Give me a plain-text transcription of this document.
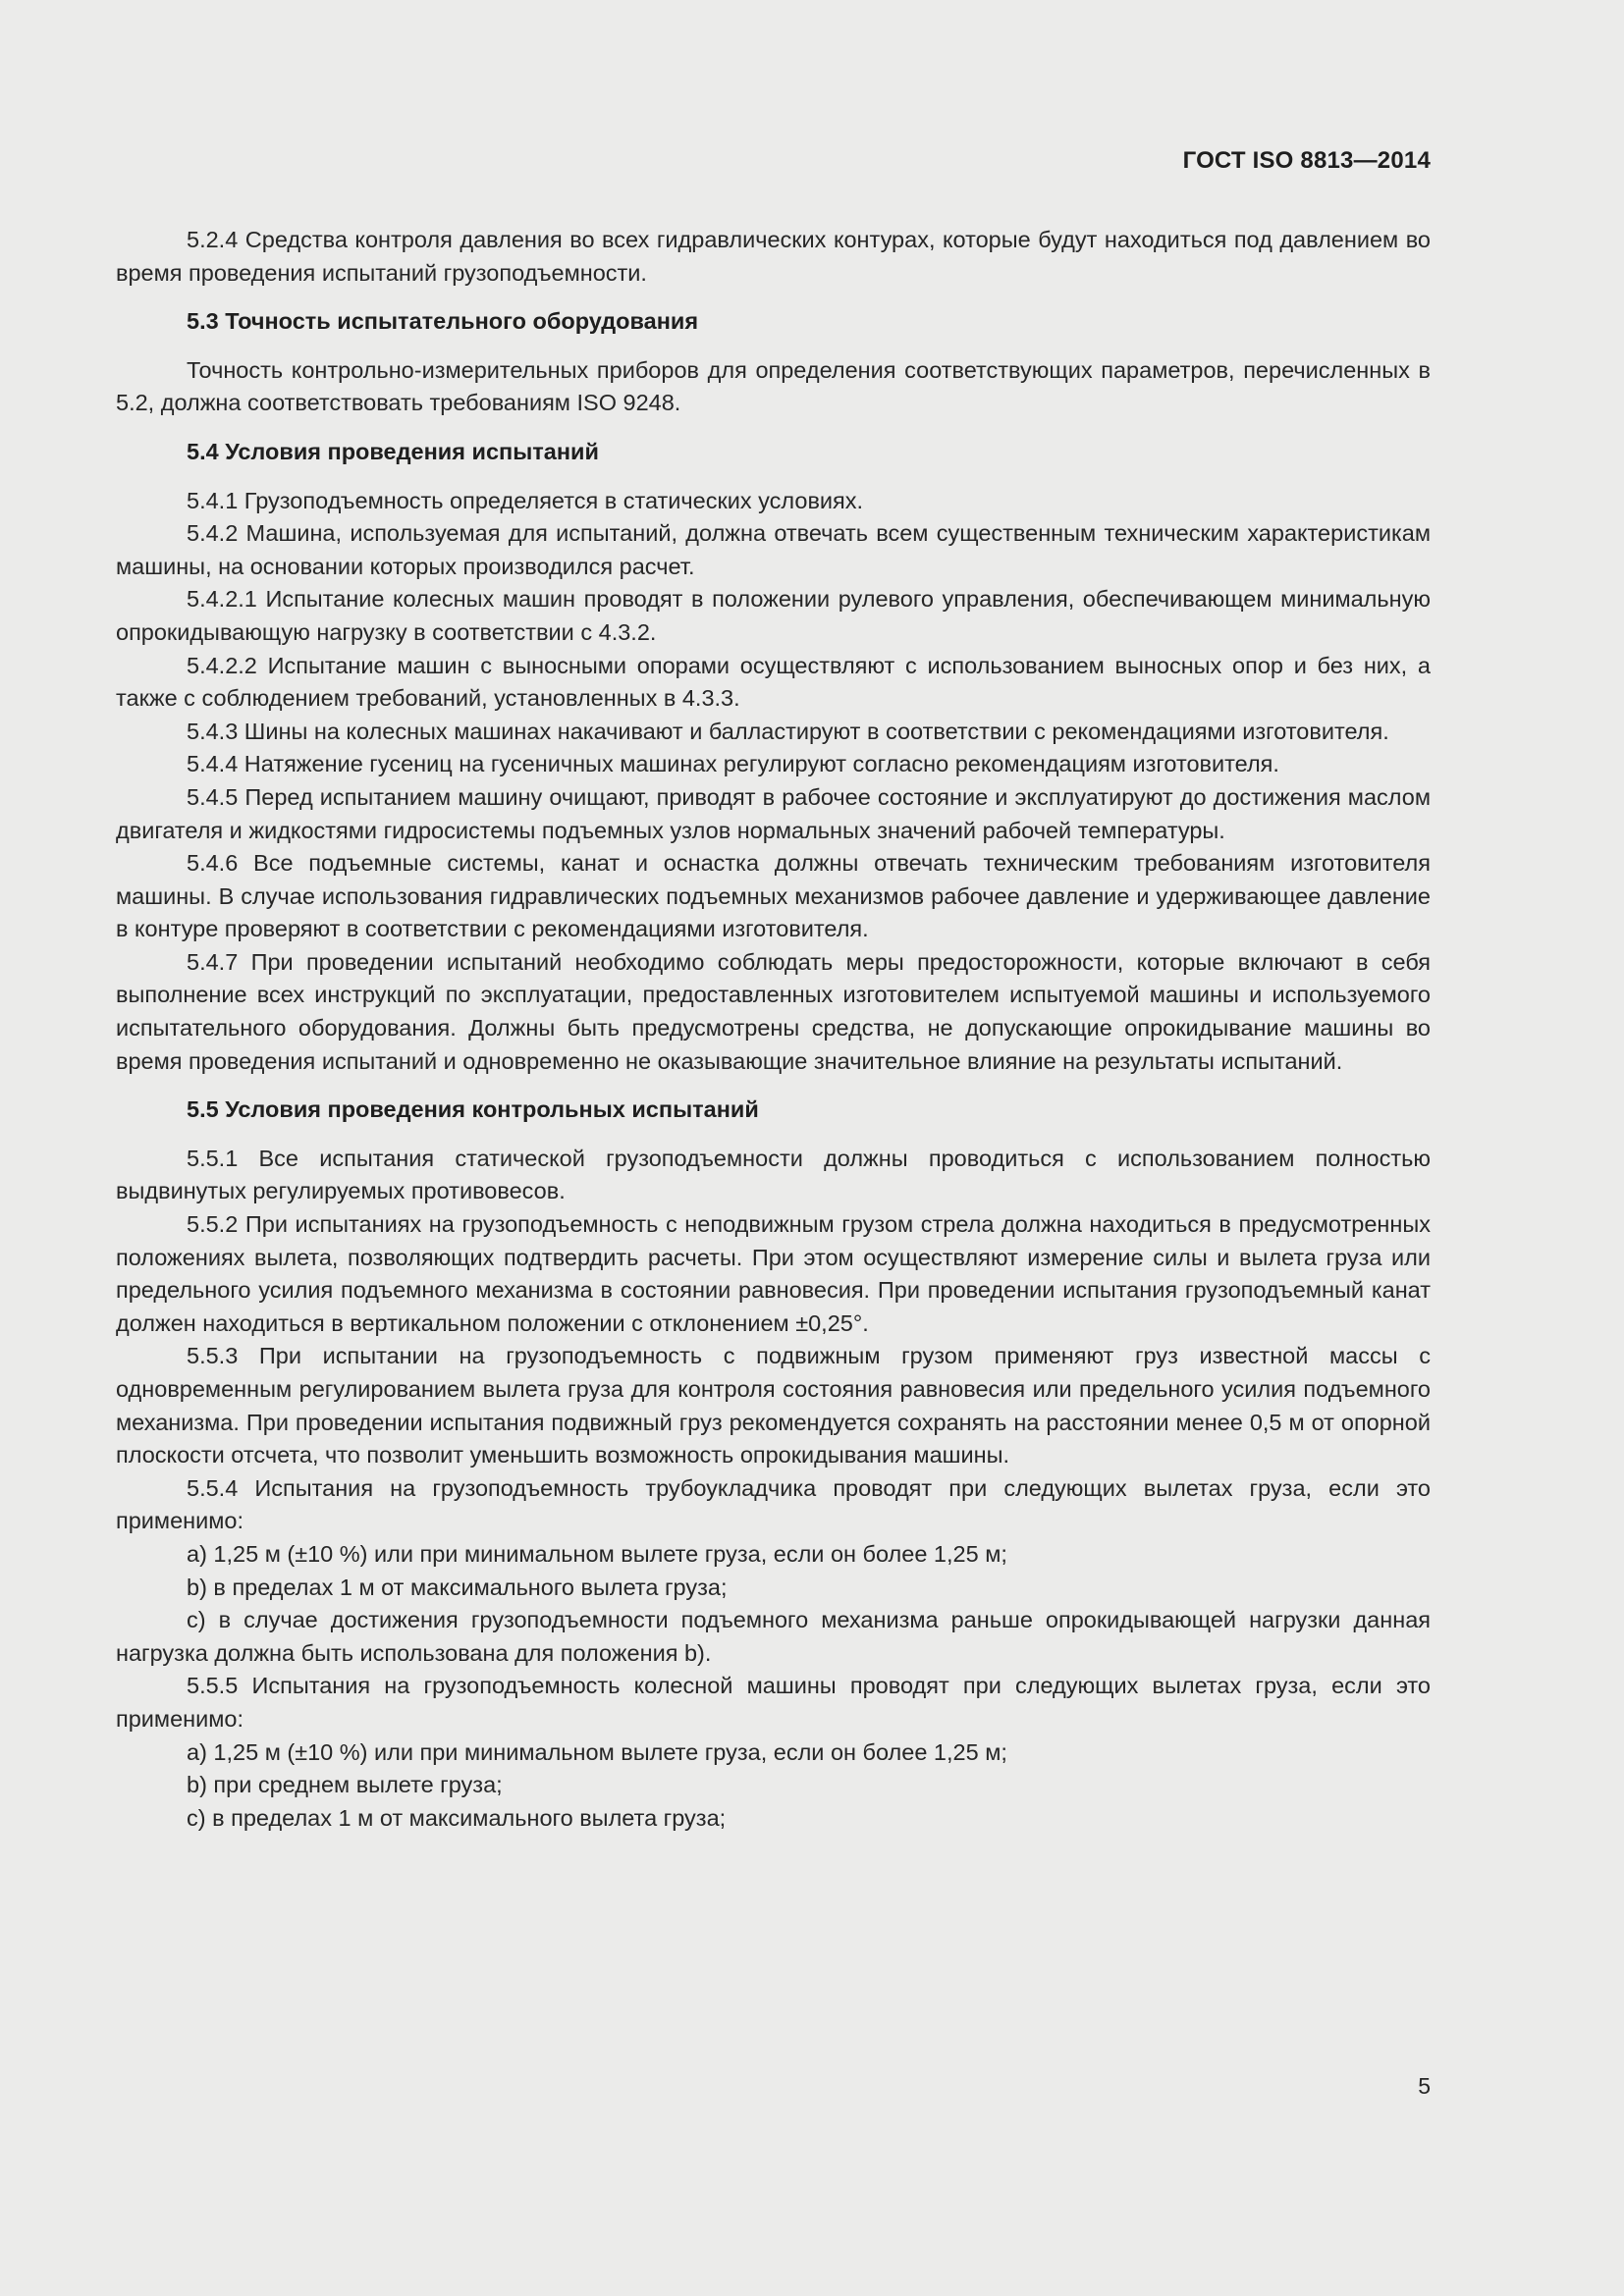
ГОСТ ISO 8813—2014

5.2.4 Средства контроля давления во всех гидравлических контурах, которые будут находиться под давлением во время проведения испытаний грузоподъемности.

5.3 Точность испытательного оборудования

Точность контрольно-измерительных приборов для определения соответствующих параметров, перечисленных в 5.2, должна соответствовать требованиям ISO 9248.

5.4 Условия проведения испытаний

5.4.1 Грузоподъемность определяется в статических условиях.

5.4.2 Машина, используемая для испытаний, должна отвечать всем существенным техническим характеристикам машины, на основании которых производился расчет.

5.4.2.1 Испытание колесных машин проводят в положении рулевого управления, обеспечивающем минимальную опрокидывающую нагрузку в соответствии с 4.3.2.

5.4.2.2 Испытание машин с выносными опорами осуществляют с использованием выносных опор и без них, а также с соблюдением требований, установленных в 4.3.3.

5.4.3 Шины на колесных машинах накачивают и балластируют в соответствии с рекомендациями изготовителя.

5.4.4 Натяжение гусениц на гусеничных машинах регулируют согласно рекомендациям изготовителя.

5.4.5 Перед испытанием машину очищают, приводят в рабочее состояние и эксплуатируют до достижения маслом двигателя и жидкостями гидросистемы подъемных узлов нормальных значений рабочей температуры.

5.4.6 Все подъемные системы, канат и оснастка должны отвечать техническим требованиям изготовителя машины. В случае использования гидравлических подъемных механизмов рабочее давление и удерживающее давление в контуре проверяют в соответствии с рекомендациями изготовителя.

5.4.7 При проведении испытаний необходимо соблюдать меры предосторожности, которые включают в себя выполнение всех инструкций по эксплуатации, предоставленных изготовителем испытуемой машины и используемого испытательного оборудования. Должны быть предусмотрены средства, не допускающие опрокидывание машины во время проведения испытаний и одновременно не оказывающие значительное влияние на результаты испытаний.

5.5 Условия проведения контрольных испытаний

5.5.1 Все испытания статической грузоподъемности должны проводиться с использованием полностью выдвинутых регулируемых противовесов.

5.5.2 При испытаниях на грузоподъемность с неподвижным грузом стрела должна находиться в предусмотренных положениях вылета, позволяющих подтвердить расчеты. При этом осуществляют измерение силы и вылета груза или предельного усилия подъемного механизма в состоянии равновесия. При проведении испытания грузоподъемный канат должен находиться в вертикальном положении с отклонением ±0,25°.

5.5.3 При испытании на грузоподъемность с подвижным грузом применяют груз известной массы с одновременным регулированием вылета груза для контроля состояния равновесия или предельного усилия подъемного механизма. При проведении испытания подвижный груз рекомендуется сохранять на расстоянии менее 0,5 м от опорной плоскости отсчета, что позволит уменьшить возможность опрокидывания машины.

5.5.4 Испытания на грузоподъемность трубоукладчика проводят при следующих вылетах груза, если это применимо:

a) 1,25 м (±10 %) или при минимальном вылете груза, если он более 1,25 м;

b) в пределах 1 м от максимального вылета груза;

c) в случае достижения грузоподъемности подъемного механизма раньше опрокидывающей нагрузки данная нагрузка должна быть использована для положения b).

5.5.5 Испытания на грузоподъемность колесной машины проводят при следующих вылетах груза, если это применимо:

a) 1,25 м (±10 %) или при минимальном вылете груза, если он более 1,25 м;

b) при среднем вылете груза;

c) в пределах 1 м от максимального вылета груза;

5
